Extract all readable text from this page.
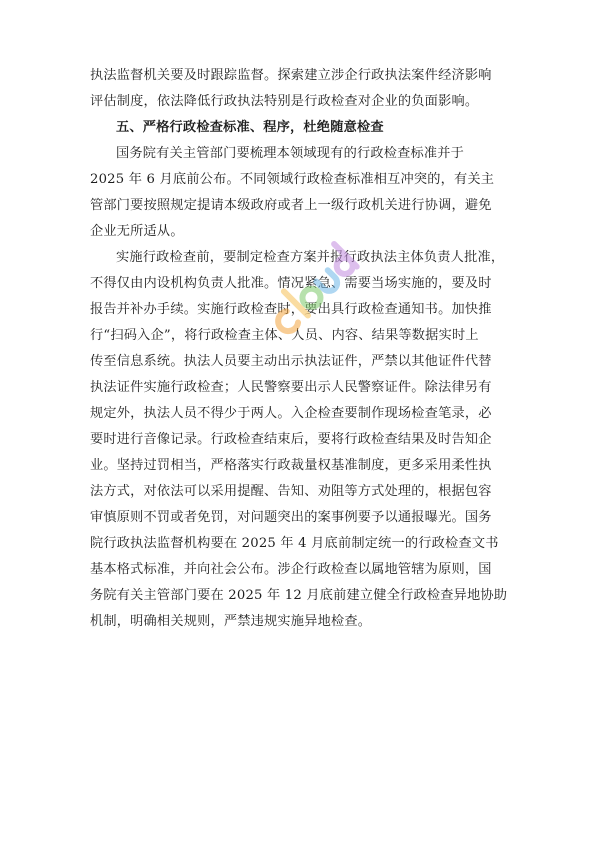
执法监督机关要及时跟踪监督。探索建立涉企行政执法案件经济影响
评估制度，依法降低行政执法特别是行政检查对企业的负面影响。
五、严格行政检查标准、程序，杜绝随意检查
国务院有关主管部门要梳理本领域现有的行政检查标准并于
2025 年 6 月底前公布。不同领域行政检查标准相互冲突的，有关主
管部门要按照规定提请本级政府或者上一级行政机关进行协调，避免
企业无所适从。
实施行政检查前，要制定检查方案并报行政执法主体负责人批准，
不得仅由内设机构负责人批准。情况紧急、需要当场实施的，要及时
报告并补办手续。实施行政检查时，要出具行政检查通知书。加快推
行“扫码入企”，将行政检查主体、人员、内容、结果等数据实时上
传至信息系统。执法人员要主动出示执法证件，严禁以其他证件代替
执法证件实施行政检查；人民警察要出示人民警察证件。除法律另有
规定外，执法人员不得少于两人。入企检查要制作现场检查笔录，必
要时进行音像记录。行政检查结束后，要将行政检查结果及时告知企
业。坚持过罚相当，严格落实行政裁量权基准制度，更多采用柔性执
法方式，对依法可以采用提醒、告知、劝阻等方式处理的，根据包容
审慎原则不罚或者免罚，对问题突出的案事例要予以通报曝光。国务
院行政执法监督机构要在 2025 年 4 月底前制定统一的行政检查文书
基本格式标准，并向社会公布。涉企行政检查以属地管辖为原则，国
务院有关主管部门要在 2025 年 12 月底前建立健全行政检查异地协助
机制，明确相关规则，严禁违规实施异地检查。
